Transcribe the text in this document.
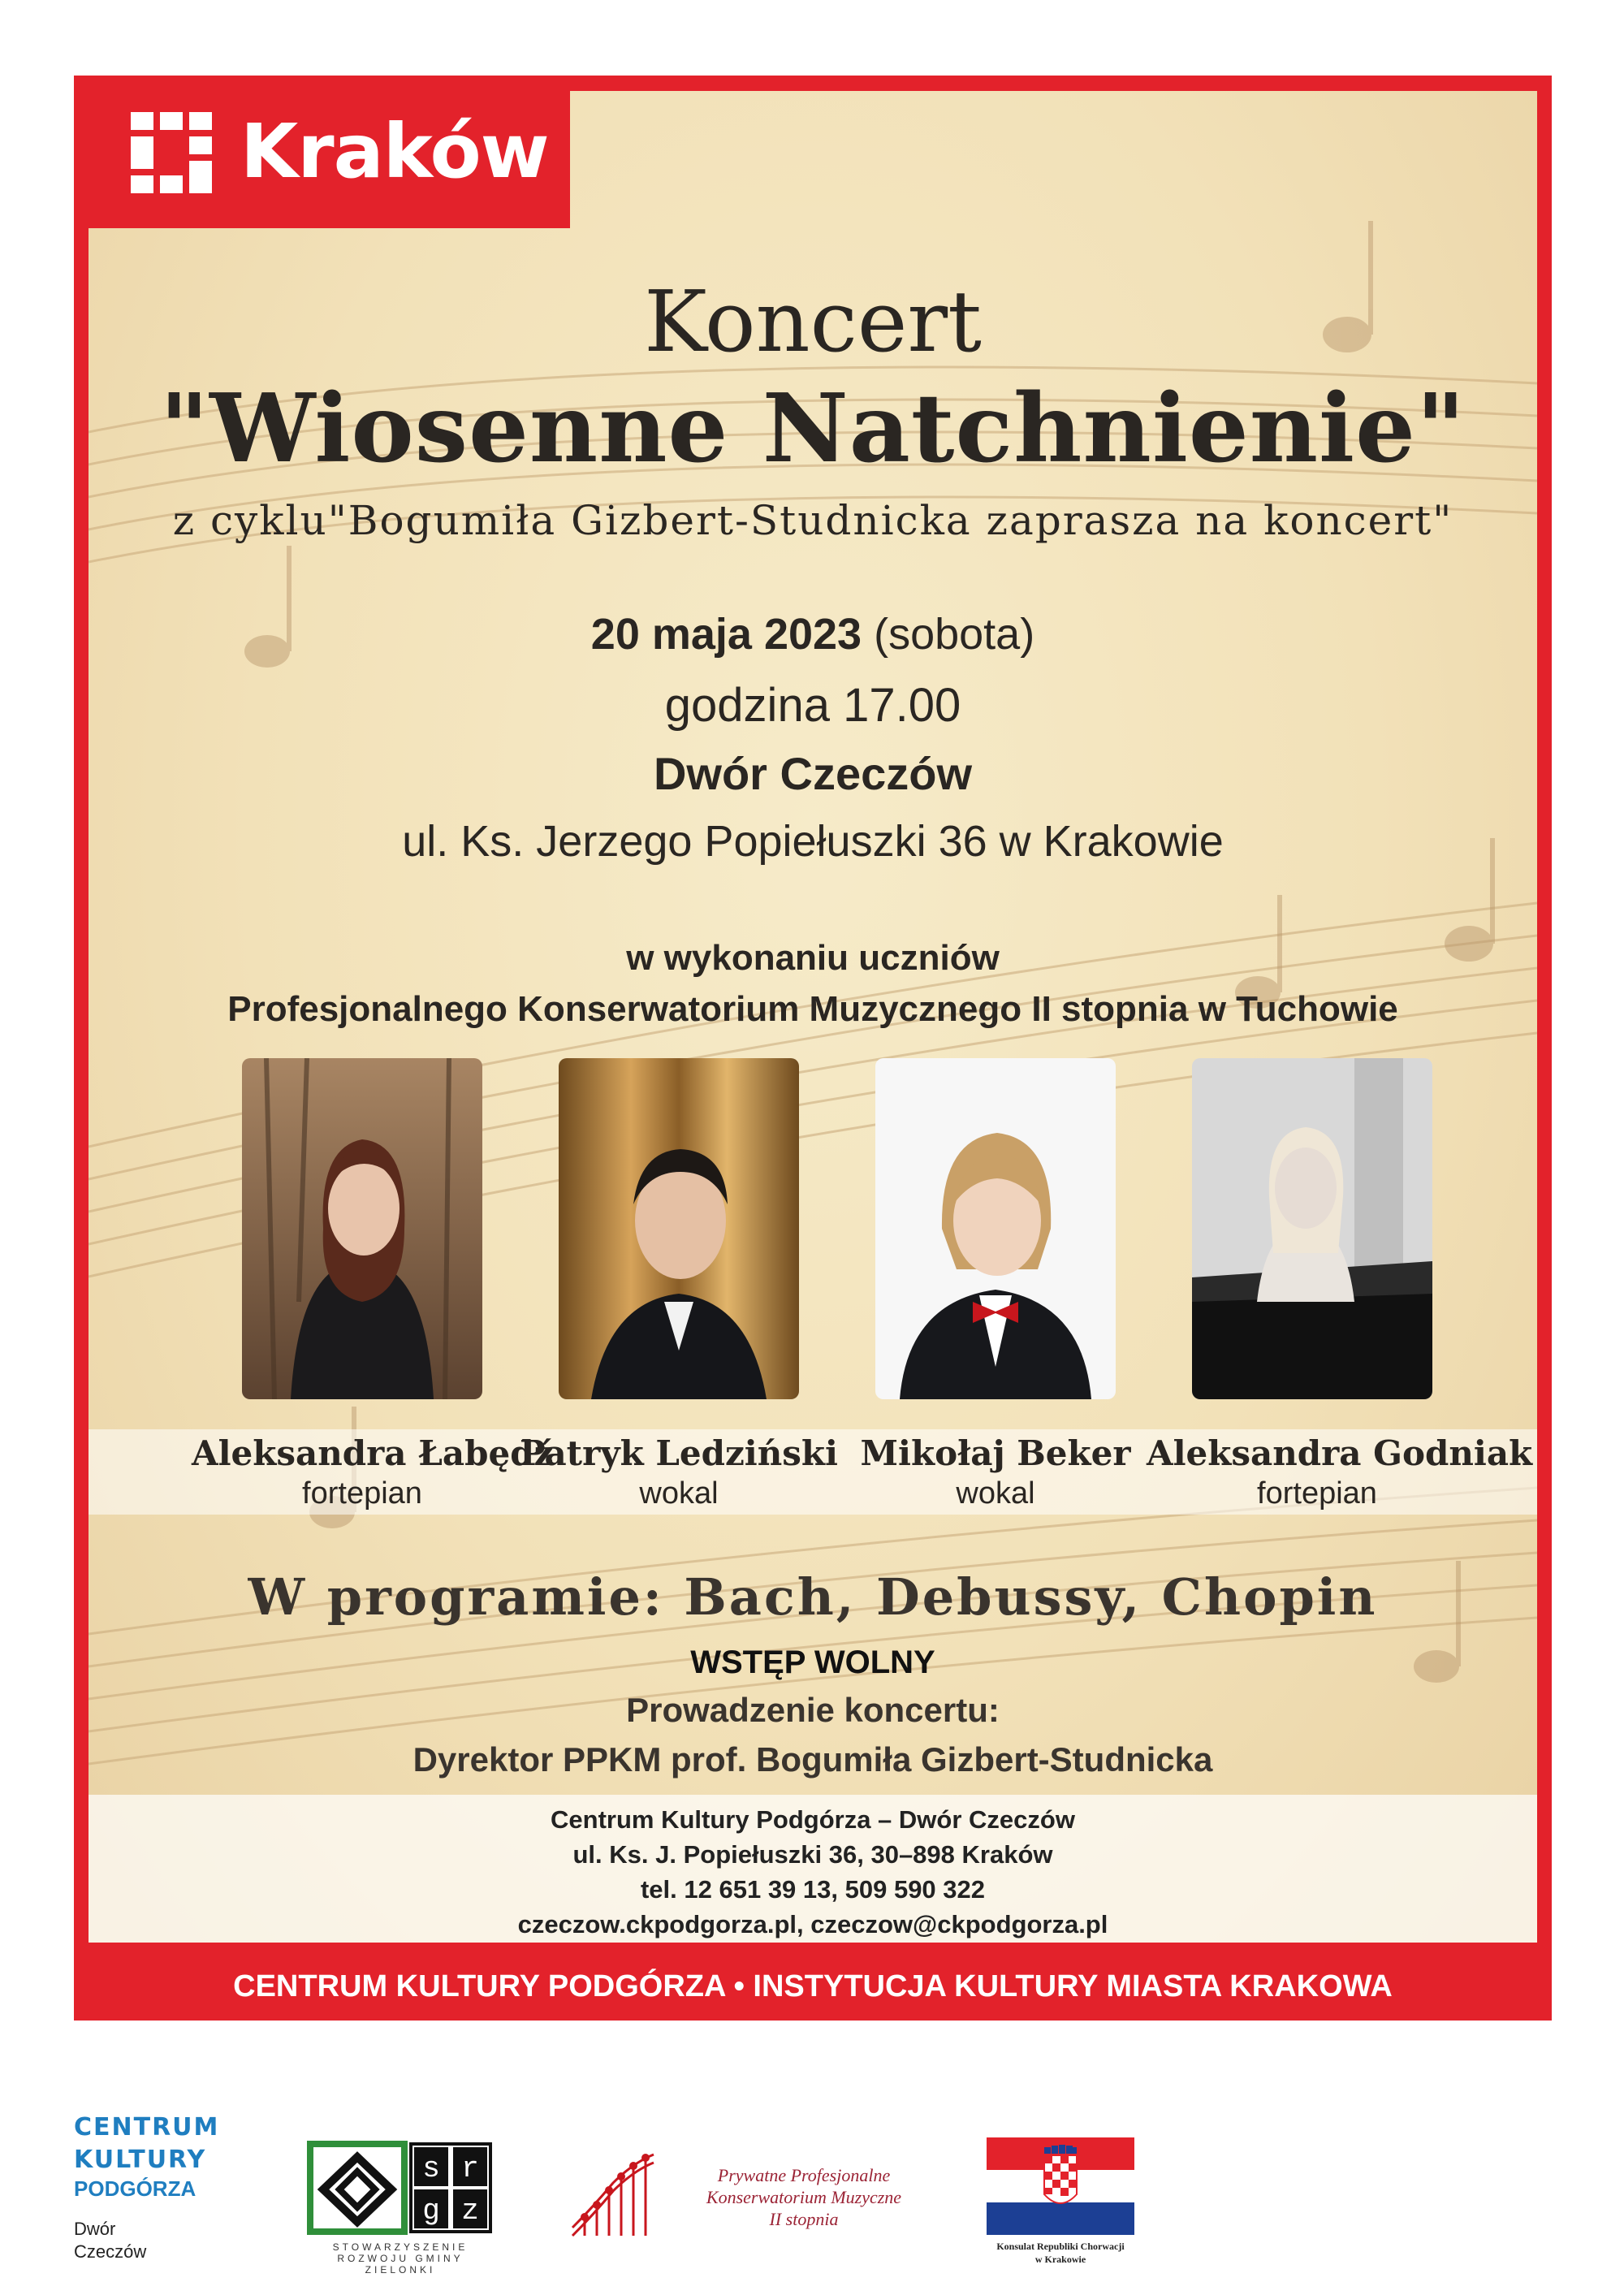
Kraków
Koncert
"Wiosenne Natchnienie"
z cyklu"Bogumiła Gizbert-Studnicka zaprasza na koncert"
20 maja 2023 (sobota)
godzina 17.00
Dwór Czeczów
ul. Ks. Jerzego Popiełuszki 36 w Krakowie
w wykonaniu uczniów
Profesjonalnego Konserwatorium Muzycznego II stopnia w Tuchowie
Aleksandra Łabędź
fortepian
Patryk Ledziński
wokal
Mikołaj Beker
wokal
Aleksandra Godniak
fortepian
W programie: Bach, Debussy, Chopin
WSTĘP WOLNY
Prowadzenie koncertu:
Dyrektor PPKM prof. Bogumiła Gizbert-Studnicka
Centrum Kultury Podgórza – Dwór Czeczów
ul. Ks. J. Popiełuszki 36, 30–898 Kraków
tel. 12 651 39 13, 509 590 322
czeczow.ckpodgorza.pl, czeczow@ckpodgorza.pl
CENTRUM KULTURY PODGÓRZA • INSTYTUCJA KULTURY MIASTA KRAKOWA
CENTRUM
KULTURY
PODGÓRZA
Dwór
Czeczów
s r
g z
STOWARZYSZENIE ROZWOJU GMINY ZIELONKI
Prywatne Profesjonalne
Konserwatorium Muzyczne
II stopnia
Konsulat Republiki Chorwacji
w Krakowie
